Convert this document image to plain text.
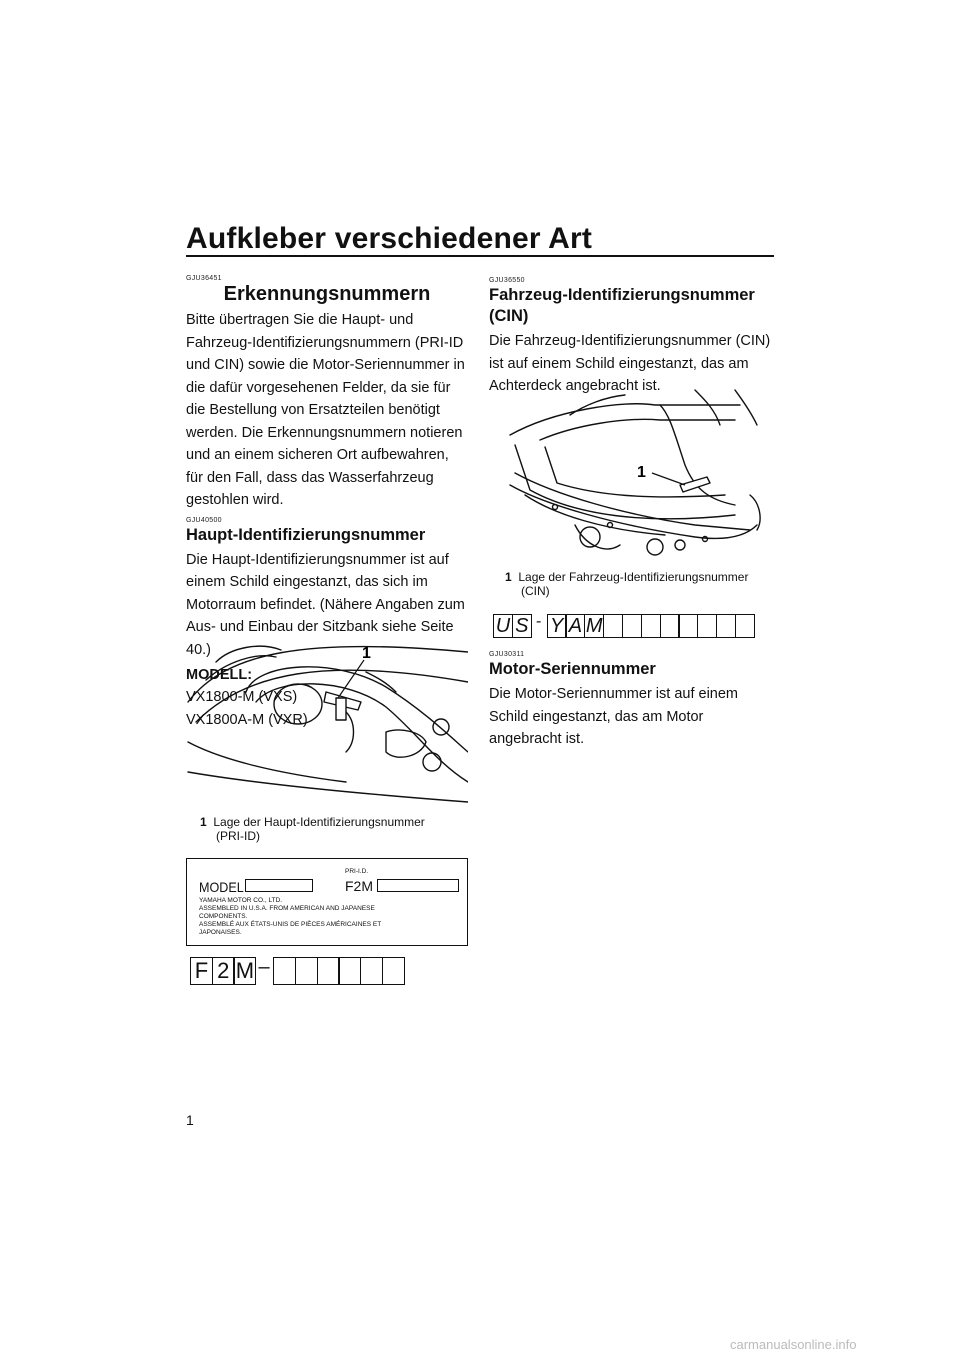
Aufkleber verschiedener Art
GJU36451
Erkennungsnummern
Bitte übertragen Sie die Haupt- und Fahrzeug-Identifizierungsnummern (PRI-ID und CIN) sowie die Motor-Seriennummer in die dafür vorgesehenen Felder, da sie für die Bestellung von Ersatzteilen benötigt werden. Die Erkennungsnummern notieren und an einem sicheren Ort aufbewahren, für den Fall, dass das Wasserfahrzeug gestohlen wird.
GJU40500
Haupt-Identifizierungsnummer
Die Haupt-Identifizierungsnummer ist auf einem Schild eingestanzt, das sich im Motorraum befindet. (Nähere Angaben zum Aus- und Einbau der Sitzbank siehe Seite 40.)
MODELL:
VX1800-M (VXS)
VX1800A-M (VXR)
1
1 Lage der Haupt-Identifizierungsnummer
(PRI-ID)
MODEL
PRI-I.D.
F2M
YAMAHA MOTOR CO., LTD.
ASSEMBLED IN U.S.A. FROM AMERICAN AND JAPANESE
COMPONENTS.
ASSEMBLÉ AUX ÉTATS-UNIS DE PIÈCES AMÉRICAINES ET
JAPONAISES.
F 2 M –
GJU36550
Fahrzeug-Identifizierungsnummer
(CIN)
Die Fahrzeug-Identifizierungsnummer (CIN) ist auf einem Schild eingestanzt, das am Achterdeck angebracht ist.
1
1 Lage der Fahrzeug-Identifizierungsnummer
(CIN)
U S - Y A M
GJU30311
Motor-Seriennummer
Die Motor-Seriennummer ist auf einem Schild eingestanzt, das am Motor angebracht ist.
1
carmanualsonline.info
